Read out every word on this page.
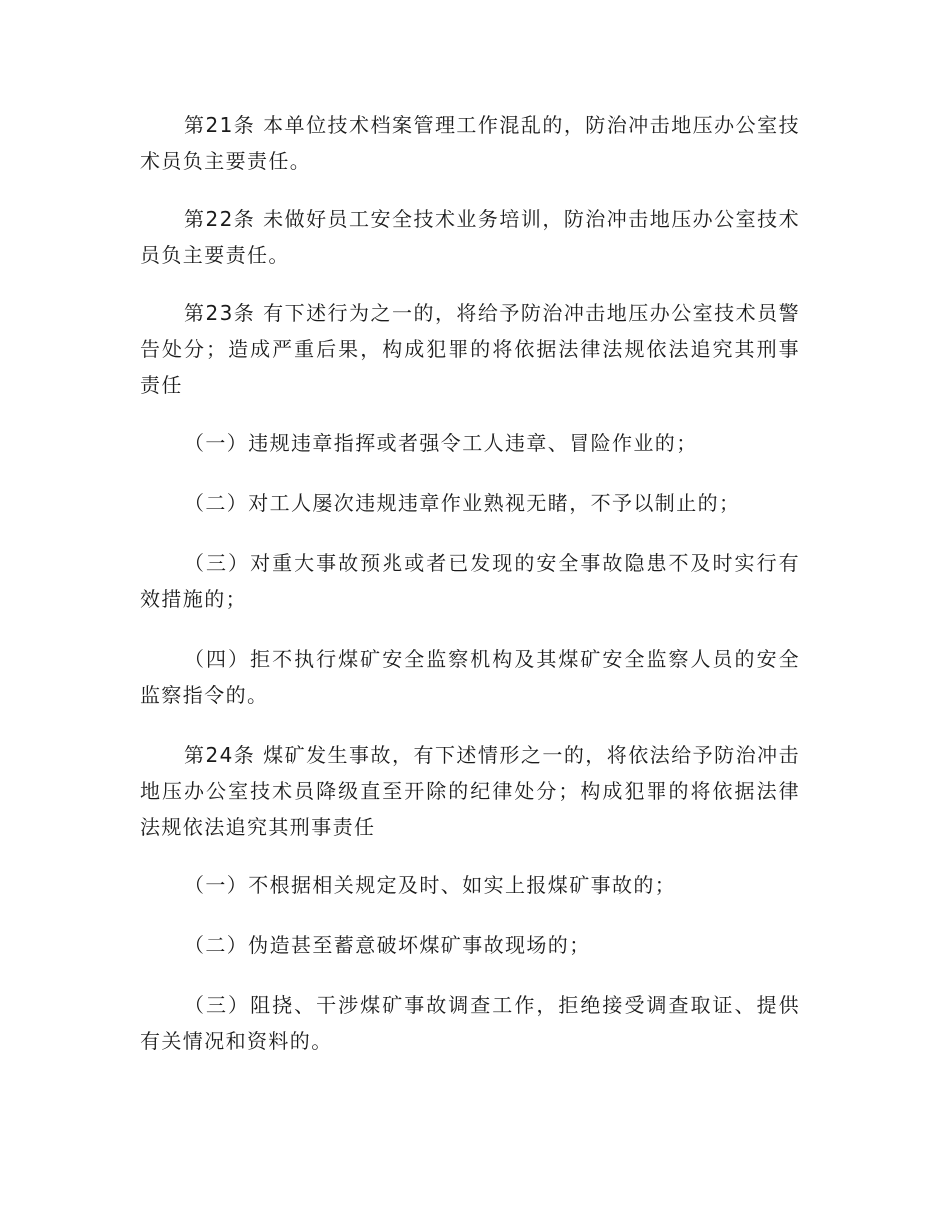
第21条 本单位技术档案管理工作混乱的，防治冲击地压办公室技术员负主要责任。

第22条 未做好员工安全技术业务培训，防治冲击地压办公室技术员负主要责任。

第23条 有下述行为之一的，将给予防治冲击地压办公室技术员警告处分；造成严重后果，构成犯罪的将依据法律法规依法追究其刑事责任

（一）违规违章指挥或者强令工人违章、冒险作业的；

（二）对工人屡次违规违章作业熟视无睹，不予以制止的；

（三）对重大事故预兆或者已发现的安全事故隐患不及时实行有效措施的；

（四）拒不执行煤矿安全监察机构及其煤矿安全监察人员的安全监察指令的。

第24条 煤矿发生事故，有下述情形之一的，将依法给予防治冲击地压办公室技术员降级直至开除的纪律处分；构成犯罪的将依据法律法规依法追究其刑事责任

（一）不根据相关规定及时、如实上报煤矿事故的；

（二）伪造甚至蓄意破坏煤矿事故现场的；

（三）阻挠、干涉煤矿事故调查工作，拒绝接受调查取证、提供有关情况和资料的。
